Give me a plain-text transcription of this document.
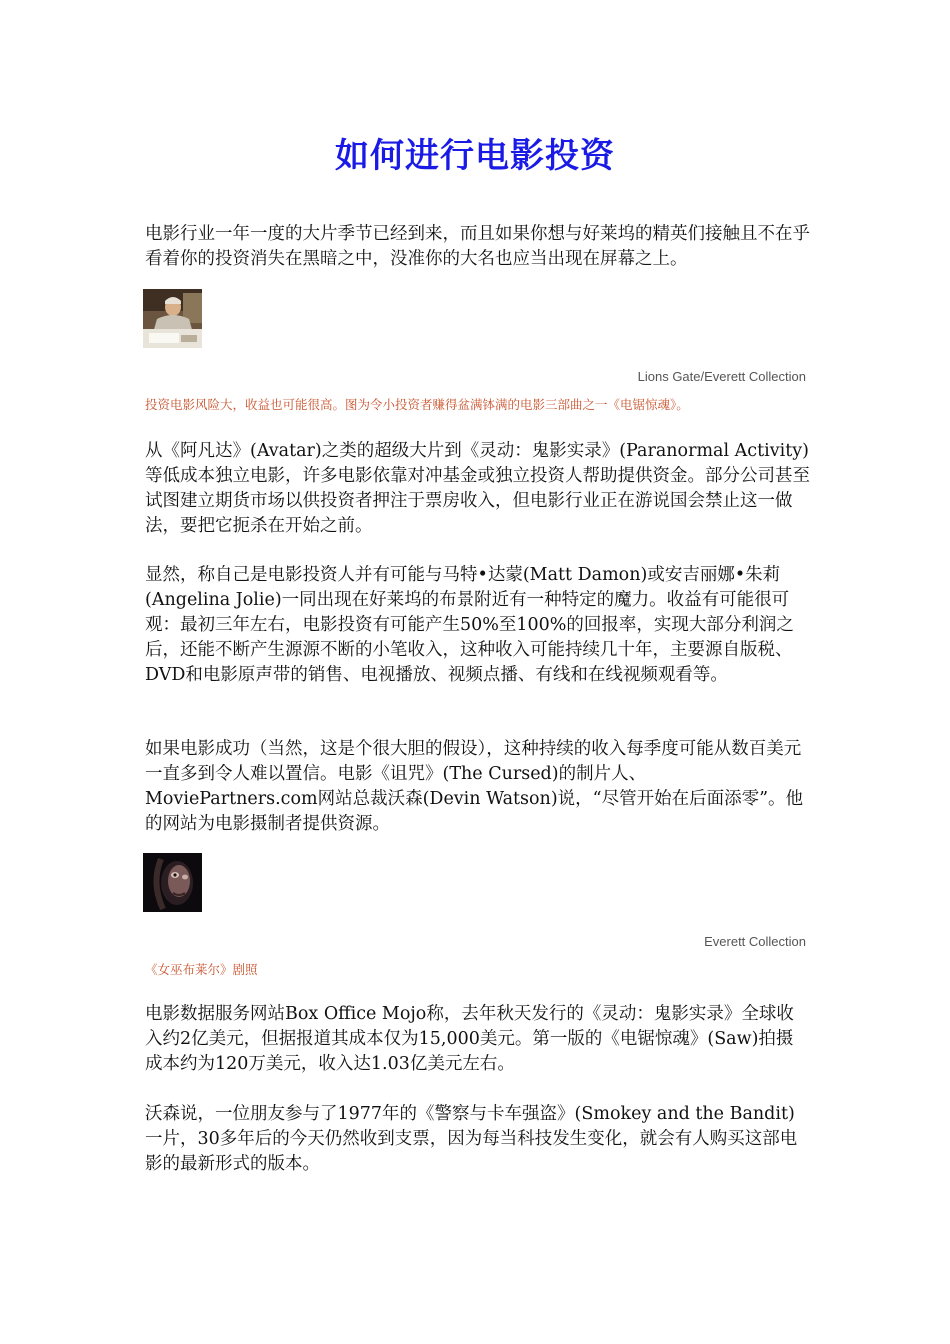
如何进行电影投资

电影行业一年一度的大片季节已经到来，而且如果你想与好莱坞的精英们接触且不在乎看着你的投资消失在黑暗之中，没准你的大名也应当出现在屏幕之上。

Lions Gate/Everett Collection

投资电影风险大，收益也可能很高。图为令小投资者赚得盆满钵满的电影三部曲之一《电锯惊魂》。

从《阿凡达》(Avatar)之类的超级大片到《灵动：鬼影实录》(Paranormal Activity)等低成本独立电影，许多电影依靠对冲基金或独立投资人帮助提供资金。部分公司甚至试图建立期货市场以供投资者押注于票房收入，但电影行业正在游说国会禁止这一做法，要把它扼杀在开始之前。

显然，称自己是电影投资人并有可能与马特•达蒙(Matt Damon)或安吉丽娜•朱莉(Angelina Jolie)一同出现在好莱坞的布景附近有一种特定的魔力。收益有可能很可观：最初三年左右，电影投资有可能产生50%至100%的回报率，实现大部分利润之后，还能不断产生源源不断的小笔收入，这种收入可能持续几十年，主要源自版税、DVD和电影原声带的销售、电视播放、视频点播、有线和在线视频观看等。

如果电影成功（当然，这是个很大胆的假设），这种持续的收入每季度可能从数百美元一直多到令人难以置信。电影《诅咒》(The Cursed)的制片人、MoviePartners.com网站总裁沃森(Devin Watson)说，“尽管开始在后面添零”。他的网站为电影摄制者提供资源。

Everett Collection

《女巫布莱尔》剧照

电影数据服务网站Box Office Mojo称，去年秋天发行的《灵动：鬼影实录》全球收入约2亿美元，但据报道其成本仅为15,000美元。第一版的《电锯惊魂》(Saw)拍摄成本约为120万美元，收入达1.03亿美元左右。

沃森说，一位朋友参与了1977年的《警察与卡车强盗》(Smokey and the Bandit)一片，30多年后的今天仍然收到支票，因为每当科技发生变化，就会有人购买这部电影的最新形式的版本。
